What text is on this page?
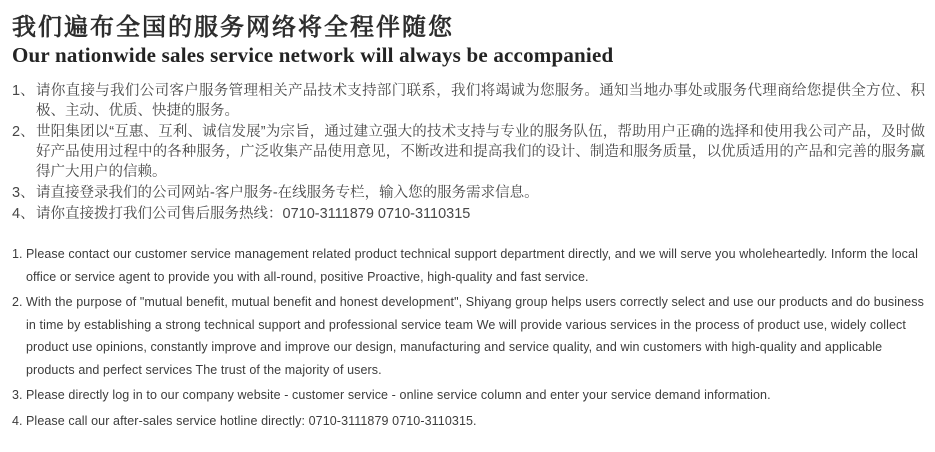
我们遍布全国的服务网络将全程伴随您
Our nationwide sales service network will always be accompanied
1、 请你直接与我们公司客户服务管理相关产品技术支持部门联系，我们将竭诚为您服务。通知当地办事处或服务代理商给您提供全方位、积极、主动、优质、快捷的服务。
2、 世阳集团以“互惠、互利、诚信发展”为宗旨，通过建立强大的技术支持与专业的服务队伍，帮助用户正确的选择和使用我公司产品，及时做好产品使用过程中的各种服务，广泛收集产品使用意见，不断改进和提高我们的设计、制造和服务质量，以优质适用的产品和完善的服务赢得广大用户的信赖。
3、 请直接登录我们的公司网站-客户服务-在线服务专栏，输入您的服务需求信息。
4、 请你直接拨打我们公司售后服务热线：0710-3111879 0710-3110315
1. Please contact our customer service management related product technical support department directly, and we will serve you wholeheartedly. Inform the local office or service agent to provide you with all-round, positive Proactive, high-quality and fast service.
2. With the purpose of "mutual benefit, mutual benefit and honest development", Shiyang group helps users correctly select and use our products and do business in time by establishing a strong technical support and professional service team We will provide various services in the process of product use, widely collect product use opinions, constantly improve and improve our design, manufacturing and service quality, and win customers with high-quality and applicable products and perfect services The trust of the majority of users.
3. Please directly log in to our company website - customer service - online service column and enter your service demand information.
4. Please call our after-sales service hotline directly: 0710-3111879 0710-3110315.
